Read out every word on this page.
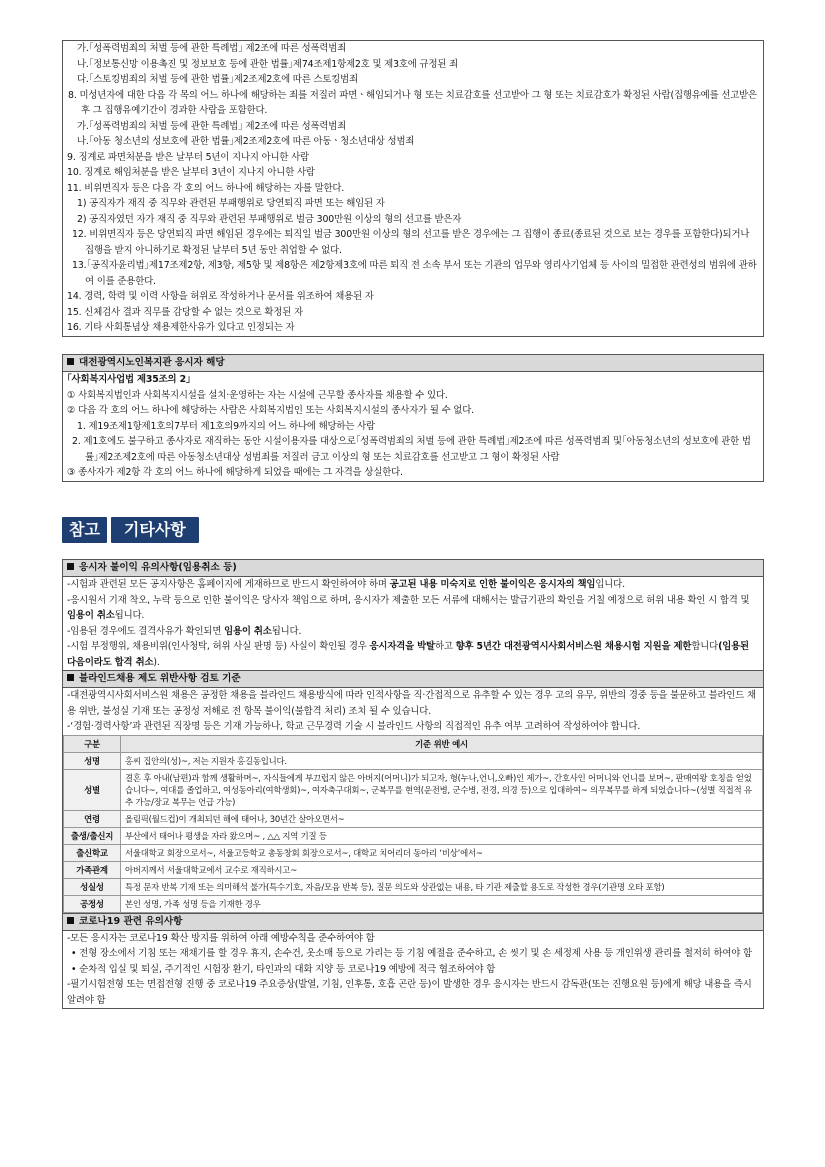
가.｢성폭력범죄의 처벌 등에 관한 특례법｣ 제2조에 따른 성폭력범죄
나.｢정보통신망 이용촉진 및 정보보호 등에 관한 법률｣제74조제1항제2호 및 제3호에 규정된 죄
다.｢스토킹범죄의 처벌 등에 관한 법률｣제2조제2호에 따른 스토킹범죄
8. 미성년자에 대한 다음 각 목의 어느 하나에 해당하는 죄를 저질러 파면ㆍ해임되거나 형 또는 치료감호를 선고받아 그 형 또는 치료감호가 확정된 사람(집행유예를 선고받은 후 그 집행유예기간이 경과한 사람을 포함한다.
가.｢성폭력범죄의 처벌 등에 관한 특례법｣ 제2조에 따른 성폭력범죄
나.｢아동 청소년의 성보호에 관한 법률｣제2조제2호에 따른 아동ㆍ청소년대상 성범죄
9. 징계로 파면처분을 받은 날부터 5년이 지나지 아니한 사람
10. 징계로 해임처분을 받은 날부터 3년이 지나지 아니한 사람
11. 비위면직자 등은 다음 각 호의 어느 하나에 해당하는 자를 말한다.
1) 공직자가 재직 중 직무와 관련된 부패행위로 당연퇴직 파면 또는 해임된 자
2) 공직자였던 자가 재직 중 직무와 관련된 부패행위로 벌금 300만원 이상의 형의 선고를 받은자
12. 비위면직자 등은 당연퇴직 파면 해임된 경우에는 퇴직일 벌금 300만원 이상의 형의 선고를 받은 경우에는 그 집행이 종료(종료된 것으로 보는 경우를 포함한다)되거나 집행을 받지 아니하기로 확정된 날부터 5년 동안 취업할 수 없다.
13.｢공직자윤리법｣제17조제2항, 제3항, 제5항 및 제8항은 제2항제3호에 따른 퇴직 전 소속 부서 또는 기관의 업무와 영리사기업체 등 사이의 밀접한 관련성의 범위에 관하여 이를 준용한다.
14. 경력, 학력 및 이력 사항을 허위로 작성하거나 문서를 위조하여 채용된 자
15. 신체검사 결과 직무를 감당할 수 없는 것으로 확정된 자
16. 기타 사회통념상 채용제한사유가 있다고 인정되는 자
대전광역시노인복지관 응시자 해당
｢사회복지사업법 제35조의 2｣
① 사회복지법인과 사회복지시설을 설치·운영하는 자는 시설에 근무할 종사자를 채용할 수 있다.
② 다음 각 호의 어느 하나에 해당하는 사람은 사회복지법인 또는 사회복지시설의 종사자가 될 수 없다.
1. 제19조제1항제1호의7부터 제1호의9까지의 어느 하나에 해당하는 사람
2. 제1호에도 불구하고 종사자로 재직하는 동안 시설이용자를 대상으로｢성폭력범죄의 처벌 등에 관한 특례법｣제2조에 따른 성폭력범죄 및｢아동청소년의 성보호에 관한 법률｣제2조제2호에 따른 아동청소년대상 성범죄를 저질러 금고 이상의 형 또는 치료감호를 선고받고 그 형이 확정된 사람
③ 종사자가 제2항 각 호의 어느 하나에 해당하게 되었을 때에는 그 자격을 상실한다.
참고	기타사항
응시자 불이익 유의사항(임용취소 등)
-시험과 관련된 모든 공지사항은 홈페이지에 게재하므로 반드시 확인하여야 하며 공고된 내용 미숙지로 인한 불이익은 응시자의 책임입니다.
-응시원서 기재 착오, 누락 등으로 인한 불이익은 당사자 책임으로 하며, 응시자가 제출한 모든 서류에 대해서는 발급기관의 확인을 거칠 예정으로 허위 내용 확인 시 합격 및 임용이 취소됩니다.
-임용된 경우에도 결격사유가 확인되면 임용이 취소됩니다.
-시험 부정행위, 채용비위(인사청탁, 허위 사실 판명 등) 사실이 확인될 경우 응시자격을 박탈하고 향후 5년간 대전광역시사회서비스원 채용시험 지원을 제한합니다(임용된 다음이라도 합격 취소).
블라인드채용 제도 위반사항 검토 기준
-대전광역시사회서비스원 채용은 공정한 채용을 블라인드 채용방식에 따라 인적사항을 직·간접적으로 유추할 수 있는 경우 고의 유무, 위반의 경중 등을 불문하고 블라인드 채용 위반, 불성실 기재 또는 공정성 저해로 전 항목 불이익(불합격 처리) 조치 될 수 있습니다.
-‘경험·경력사항’과 관련된 직장명 등은 기재 가능하나, 학교 근무경력 기술 시 블라인드 사항의 직접적인 유추 여부 고려하여 작성하여야 합니다.
구분	기준 위반 예시
성명	홍씨 집안의(성)~, 저는 지원자 홍길동입니다.
성별	결혼 후 아내(남편)과 함께 생활하며~, 자식들에게 부끄럽지 않은 아버지(어머니)가 되고자, 형(누나,언니,오빠)인 제가~, 간호사인 어머니와 언니를 보며~, 판매여왕 호칭을 얻었습니다~, 여대를 졸업하고, 여성동아리(여학생회)~, 여자축구대회~, 군복무를 현역(운전병, 군수병, 전경, 의경 등)으로 입대하여~ 의무복무를 하게 되었습니다~(성별 직접적 유추 가능/장교 복무는 언급 가능)
연령	올림픽(월드컵)이 개최되던 해에 태어나, 30년간 살아오면서~
출생/출신지	부산에서 태어나 평생을 자라 왔으며~ , △△ 지역 기질 등
출신학교	서울대학교 회장으로서~, 서울고등학교 총동창회 회장으로서~, 대학교 치어리더 동아리 ‘비상’에서~
가족관계	아버지께서 서울대학교에서 교수로 재직하시고~
성실성	특정 문자 반복 기재 또는 의미해석 불가(특수기호, 자음/모음 반복 등), 질문 의도와 상관없는 내용, 타 기관 제출할 용도로 작성한 경우(기관명 오타 포함)
공정성	본인 성명, 가족 성명 등을 기재한 경우
코로나19 관련 유의사항
-모든 응시자는 코로나19 확산 방지를 위하여 아래 예방수칙을 준수하여야 함
• 전형 장소에서 기침 또는 재채기를 할 경우 휴지, 손수건, 옷소매 등으로 가리는 등 기침 예절을 준수하고, 손 씻기 및 손 세정제 사용 등 개인위생 관리를 철저히 하여야 함
• 순차적 입실 및 퇴실, 주기적인 시험장 환기, 타인과의 대화 지양 등 코로나19 예방에 적극 협조하여야 함
-필기시험전형 또는 면접전형 진행 중 코로나19 주요증상(발열, 기침, 인후통, 호흡 곤란 등)이 발생한 경우 응시자는 반드시 감독관(또는 진행요원 등)에게 해당 내용을 즉시 알려야 함
